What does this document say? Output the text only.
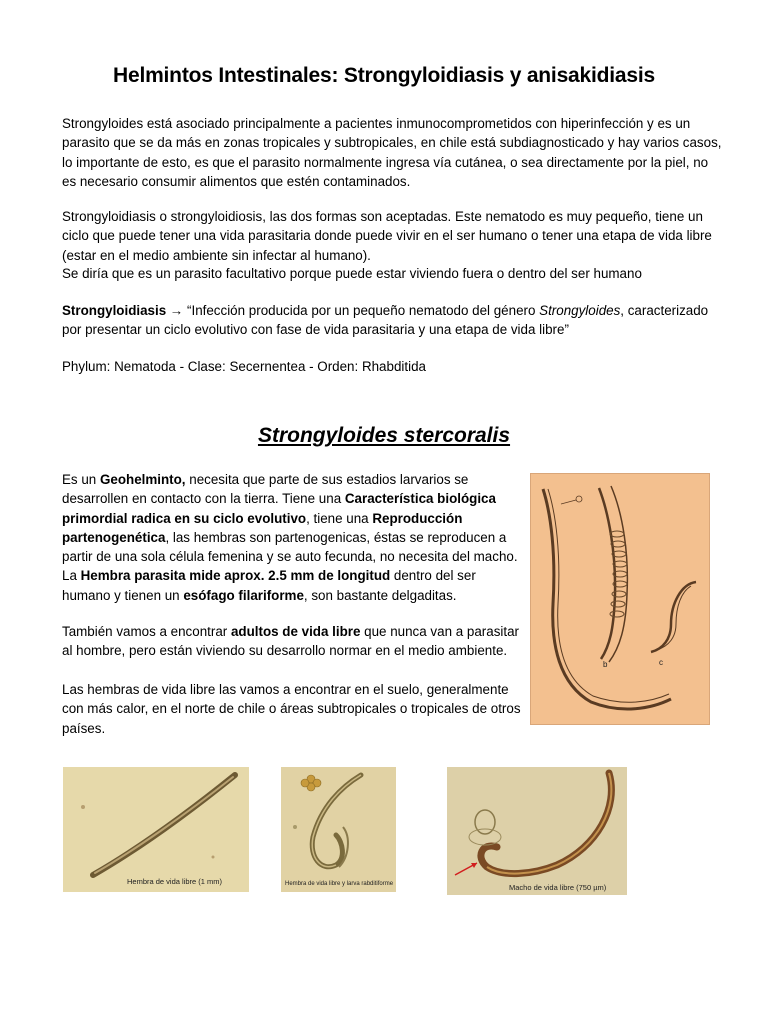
Helmintos Intestinales: Strongyloidiasis y anisakidiasis

Strongyloides está asociado principalmente a pacientes inmunocomprometidos con hiperinfección y es un parasito que se da más en zonas tropicales y subtropicales, en chile está subdiagnosticado y hay varios casos, lo importante de esto, es que el parasito normalmente ingresa vía cutánea, o sea directamente por la piel, no es necesario consumir alimentos que estén contaminados.

Strongyloidiasis o strongyloidiosis, las dos formas son aceptadas. Este nematodo es muy pequeño, tiene un ciclo que puede tener una vida parasitaria donde puede vivir en el ser humano o tener una etapa de vida libre (estar en el medio ambiente sin infectar al humano).

Se diría que es un parasito facultativo porque puede estar viviendo fuera o dentro del ser humano

Strongyloidiasis → “Infección producida por un pequeño nematodo del género Strongyloides, caracterizado por presentar un ciclo evolutivo con fase de vida parasitaria y una etapa de vida libre”

Phylum: Nematoda - Clase: Secernentea - Orden: Rhabditida

Strongyloides stercoralis

Es un Geohelminto, necesita que parte de sus estadios larvarios se desarrollen en contacto con la tierra. Tiene una Característica biológica primordial radica en su ciclo evolutivo, tiene una Reproducción partenogenética, las hembras son partenogenicas, éstas se reproducen a partir de una sola célula femenina y se auto fecunda, no necesita del macho. La Hembra parasita mide aprox. 2.5 mm de longitud dentro del ser humano y tienen un esófago filariforme, son bastante delgaditas.

También vamos a encontrar adultos de vida libre que nunca van a parasitar al hombre, pero están viviendo su desarrollo normar en el medio ambiente.

Las hembras de vida libre las vamos a encontrar en el suelo, generalmente con más calor, en el norte de chile o áreas subtropicales o tropicales de otros países.

b	c
Hembra de vida libre (1 mm)	Hembra de vida libre y larva rabditiforme	Macho de vida libre (750 µm)
